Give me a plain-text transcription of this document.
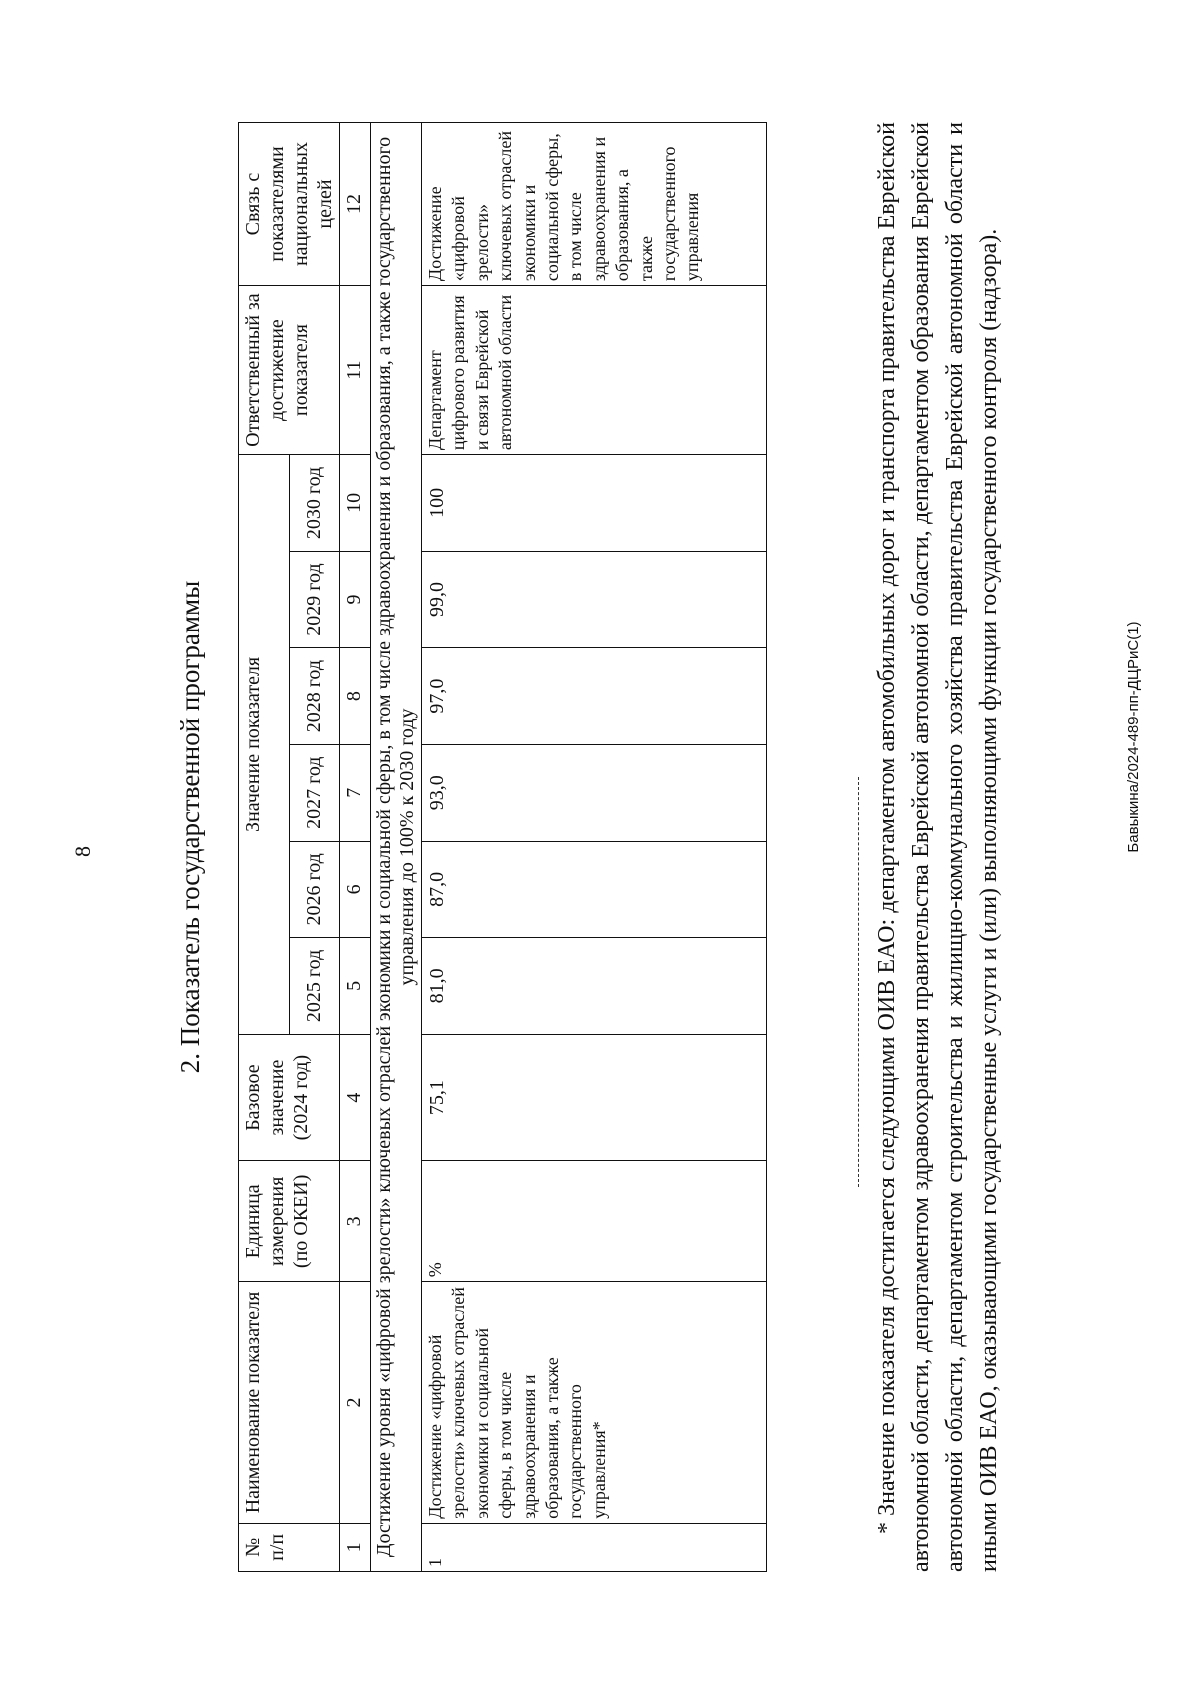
8	2. Показатель государственной программы
№ п/п	Наименование показателя	Единица измерения (по ОКЕИ)	Базовое значение (2024 год)	Значение показателя						Ответственный за достижение показателя	Связь с показателями национальных целей
				2025 год	2026 год	2027 год	2028 год	2029 год	2030 год		
1	2	3	4	5	6	7	8	9	10	11	12
Достижение уровня «цифровой зрелости» ключевых отраслей экономики и социальной сферы, в том числе здравоохранения и образования, а также государственного управления до 100% к 2030 году											
1	Достижение «цифровой зрелости» ключевых отраслей экономики и социальной сферы, в том числе здравоохранения и образования, а также государственного управления*	%	75,1	81,0	87,0	93,0	97,0	99,0	100	Департамент цифрового развития и связи Еврейской автономной области	Достижение «цифровой зрелости» ключевых отраслей экономики и социальной сферы, в том числе здравоохранения и образования, а также государственного управления	* Значение показателя достигается следующими ОИВ ЕАО: департаментом автомобильных дорог и транспорта правительства Еврейской автономной области, департаментом здравоохранения правительства Еврейской автономной области, департаментом образования Еврейской автономной области, департаментом строительства и жилищно-коммунального хозяйства правительства Еврейской автономной области и иными ОИВ ЕАО, оказывающими государственные услуги и (или) выполняющими функции государственного контроля (надзора).	Бавыкина/2024-489-пп-ДЦРиС(1)
